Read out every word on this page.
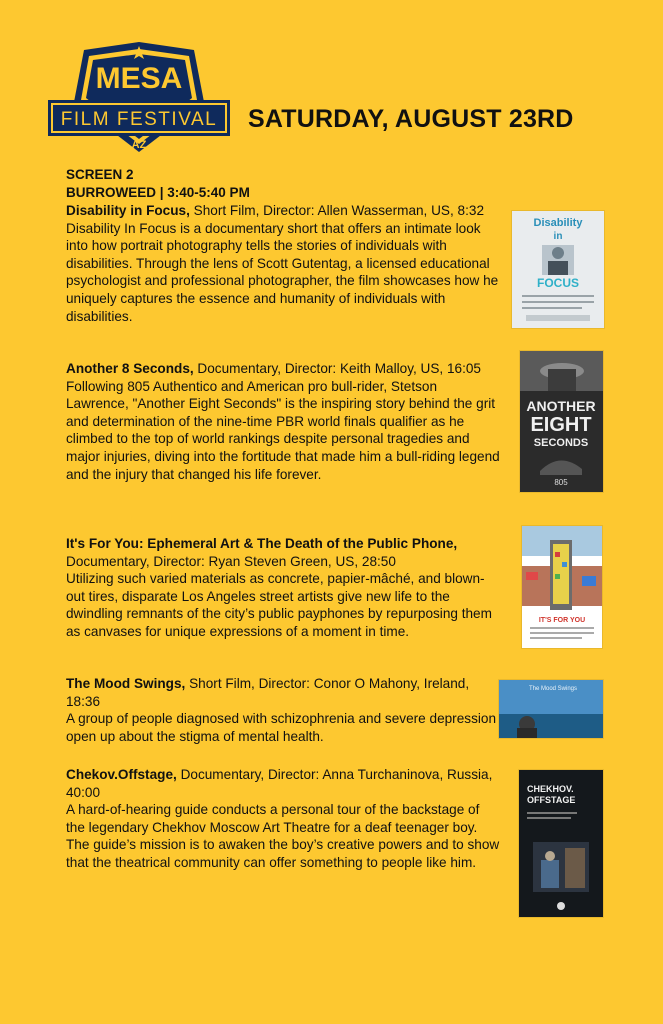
MESA
FILM FESTIVAL
AZ
SATURDAY, AUGUST 23RD
SCREEN 2
BURROWEED | 3:40-5:40 PM

Disability in Focus, Short Film, Director: Allen Wasserman, US, 8:32

Disability In Focus is a documentary short that offers an intimate look into how portrait photography tells the stories of individuals with disabilities. Through the lens of Scott Gutentag, a licensed educational psychologist and professional photographer, the film showcases how he uniquely captures the essence and humanity of individuals with disabilities.

Disability
in
FOCUS

Another 8 Seconds, Documentary, Director: Keith Malloy, US, 16:05

Following 805 Authentico and American pro bull-rider, Stetson Lawrence, "Another Eight Seconds" is the inspiring story behind the grit and determination of the nine-time PBR world finals qualifier as he climbed to the top of world rankings despite personal tragedies and major injuries, diving into the fortitude that made him a bull-riding legend and the injury that changed his life forever.

ANOTHER
EIGHT
SECONDS
805

It's For You: Ephemeral Art & The Death of the Public Phone, Documentary, Director: Ryan Steven Green, US, 28:50

Utilizing such varied materials as concrete, papier-mâché, and blown-out tires, disparate Los Angeles street artists give new life to the dwindling remnants of the city’s public payphones by repurposing them as canvases for unique expressions of a moment in time.

IT'S FOR YOU

The Mood Swings, Short Film, Director: Conor O Mahony, Ireland, 18:36

A group of people diagnosed with schizophrenia and severe depression open up about the stigma of mental health.

The Mood Swings

Chekov.Offstage, Documentary, Director: Anna Turchaninova, Russia, 40:00

A hard-of-hearing guide conducts a personal tour of the backstage of the legendary Chekhov Moscow Art Theatre for a deaf teenager boy. The guide’s mission is to awaken the boy’s creative powers and to show that the theatrical community can offer something to people like him.

CHEKHOV.
OFFSTAGE
